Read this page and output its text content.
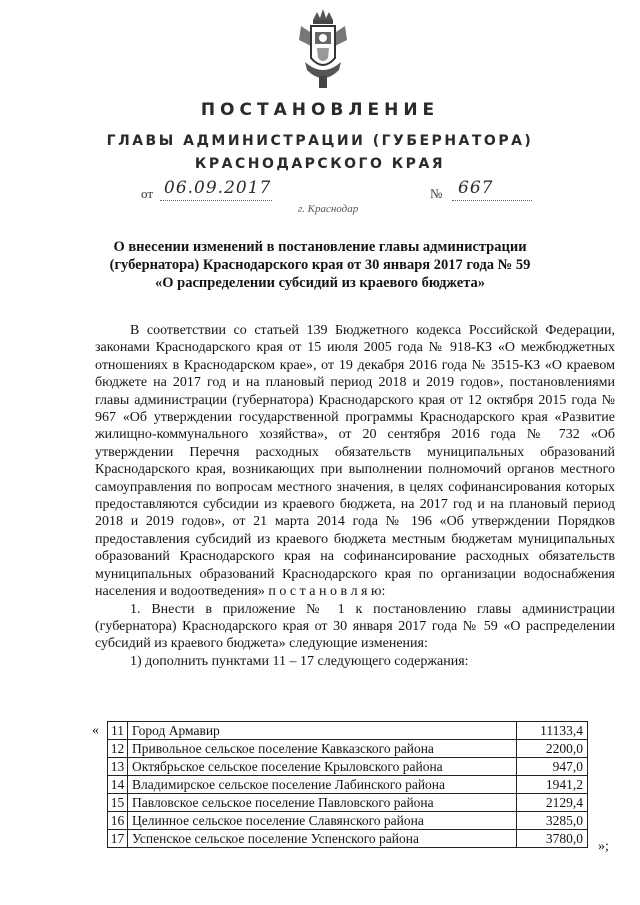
ПОСТАНОВЛЕНИЕ
ГЛАВЫ АДМИНИСТРАЦИИ (ГУБЕРНАТОРА)
КРАСНОДАРСКОГО КРАЯ
от 06.09.2017	№ 667
г. Краснодар
О внесении изменений в постановление главы администрации
(губернатора) Краснодарского края от 30 января 2017 года № 59
«О распределении субсидий из краевого бюджета»

В соответствии со статьей 139 Бюджетного кодекса Российской Федерации, законами Краснодарского края от 15 июля 2005 года № 918-КЗ «О межбюджетных отношениях в Краснодарском крае», от 19 декабря 2016 года № 3515-КЗ «О краевом бюджете на 2017 год и на плановый период 2018 и 2019 годов», постановлениями главы администрации (губернатора) Краснодарского края от 12 октября 2015 года № 967 «Об утверждении государственной программы Краснодарского края «Развитие жилищно-коммунального хозяйства», от 20 сентября 2016 года № 732 «Об утверждении Перечня расходных обязательств муниципальных образований Краснодарского края, возникающих при выполнении полномочий органов местного самоуправления по вопросам местного значения, в целях софинансирования которых предоставляются субсидии из краевого бюджета, на 2017 год и на плановый период 2018 и 2019 годов», от 21 марта 2014 года № 196 «Об утверждении Порядков предоставления субсидий из краевого бюджета местным бюджетам муниципальных образований Краснодарского края на софинансирование расходных обязательств муниципальных образований Краснодарского края по организации водоснабжения населения и водоотведения» п о с т а н о в л я ю:

1. Внести в приложение № 1 к постановлению главы администрации (губернатора) Краснодарского края от 30 января 2017 года № 59 «О распределении субсидий из краевого бюджета» следующие изменения:

1) дополнить пунктами 11 – 17 следующего содержания:

« 11	Город Армавир	11133,4
12	Привольное сельское поселение Кавказского района	2200,0
13	Октябрьское сельское поселение Крыловского района	947,0
14	Владимирское сельское поселение Лабинского района	1941,2
15	Павловское сельское поселение Павловского района	2129,4
16	Целинное сельское поселение Славянского района	3285,0
17	Успенское сельское поселение Успенского района	3780,0
»;
